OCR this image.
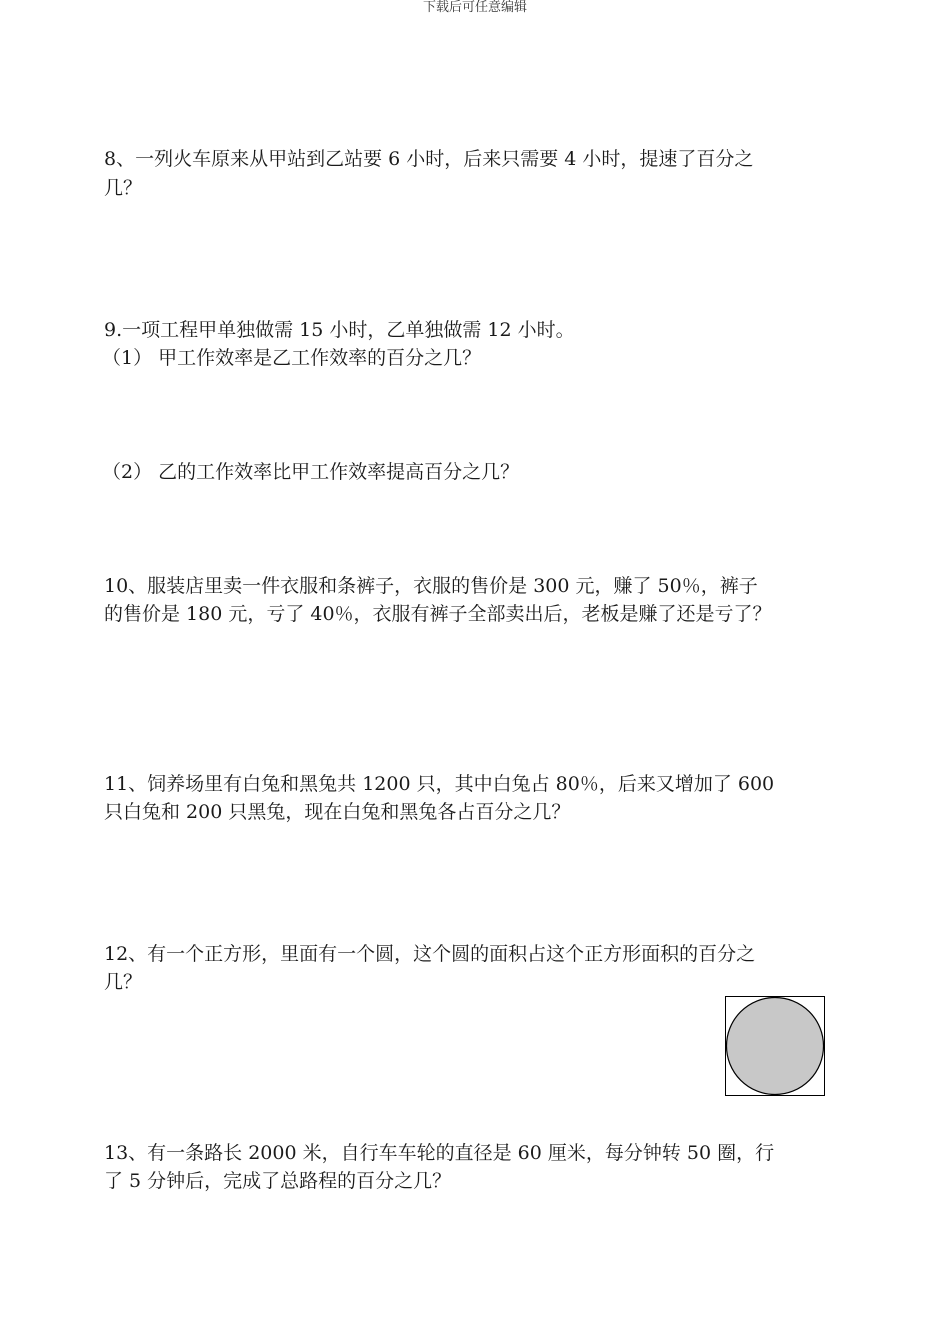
下载后可任意编辑
8、一列火车原来从甲站到乙站要 6 小时，后来只需要 4 小时，提速了百分之
几？
9.一项工程甲单独做需 15 小时，乙单独做需 12 小时。
（1） 甲工作效率是乙工作效率的百分之几？
（2） 乙的工作效率比甲工作效率提高百分之几？
10、服装店里卖一件衣服和条裤子，衣服的售价是 300 元，赚了 50％，裤子
的售价是 180 元，亏了 40％，衣服有裤子全部卖出后，老板是赚了还是亏了？
11、饲养场里有白兔和黑兔共 1200 只，其中白兔占 80％，后来又增加了 600
只白兔和 200 只黑兔，现在白兔和黑兔各占百分之几？
12、有一个正方形，里面有一个圆，这个圆的面积占这个正方形面积的百分之
几？
13、有一条路长 2000 米，自行车车轮的直径是 60 厘米，每分钟转 50 圈，行
了 5 分钟后，完成了总路程的百分之几？
